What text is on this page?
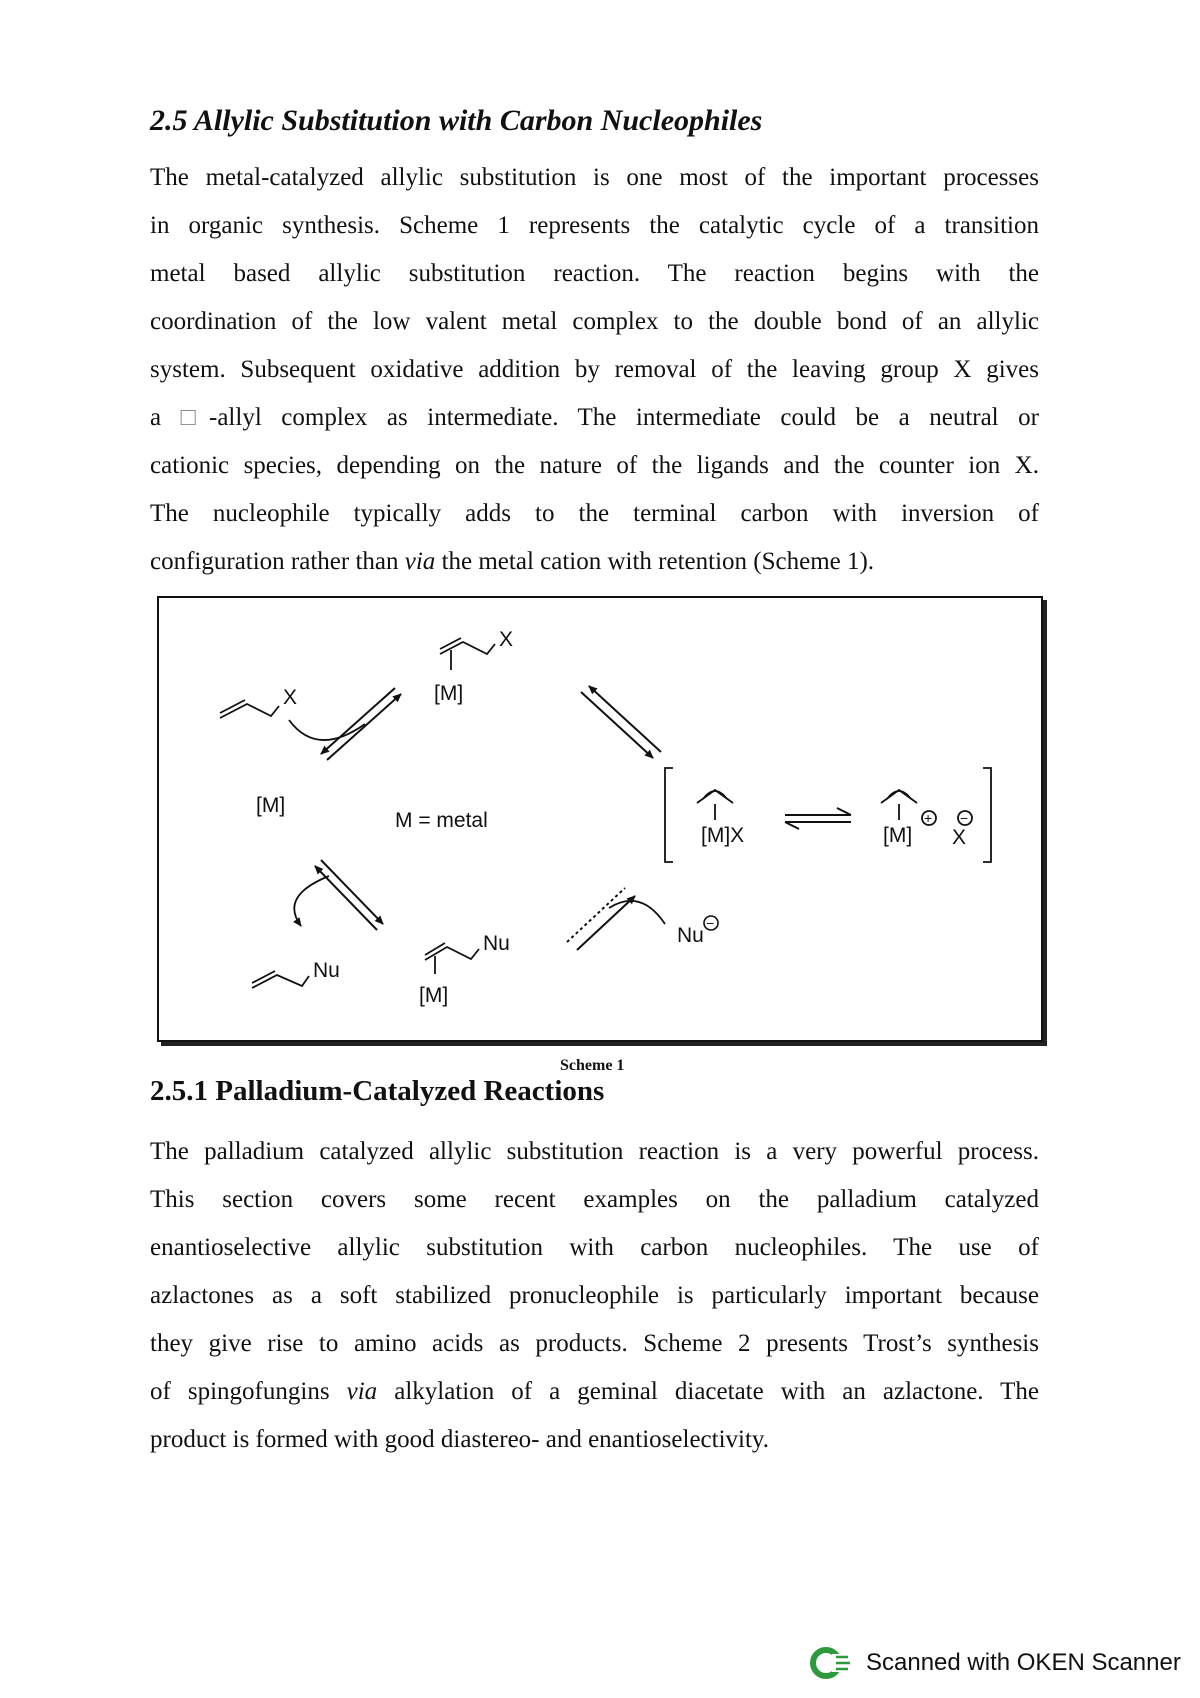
2.5 Allylic Substitution with Carbon Nucleophiles
The metal-catalyzed allylic substitution is one most of the important processes
in organic synthesis. Scheme 1 represents the catalytic cycle of a transition
metal based allylic substitution reaction. The reaction begins with the
coordination of the low valent metal complex to the double bond of an allylic
system. Subsequent oxidative addition by removal of the leaving group X gives
a □-allyl complex as intermediate. The intermediate could be a neutral or
cationic species, depending on the nature of the ligands and the counter ion X.
The nucleophile typically adds to the terminal carbon with inversion of
configuration rather than via the metal cation with retention (Scheme 1).
X
X
[M]
[M]
M = metal
[M]X	[M]
+ −
X
Nu
−
Nu
[M]
Nu
Scheme 1
2.5.1 Palladium-Catalyzed Reactions
The palladium catalyzed allylic substitution reaction is a very powerful process.
This section covers some recent examples on the palladium catalyzed
enantioselective allylic substitution with carbon nucleophiles. The use of
azlactones as a soft stabilized pronucleophile is particularly important because
they give rise to amino acids as products. Scheme 2 presents Trost’s synthesis
of spingofungins via alkylation of a geminal diacetate with an azlactone. The
product is formed with good diastereo- and enantioselectivity.
Scanned with OKEN Scanner
